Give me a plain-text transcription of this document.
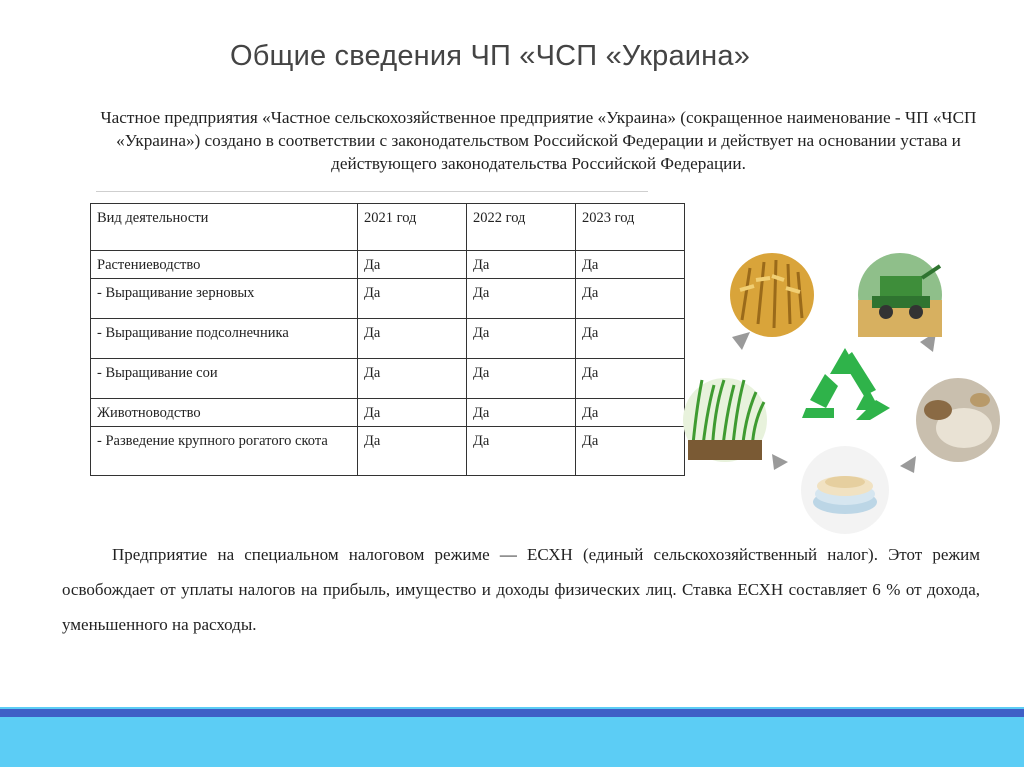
Общие сведения ЧП «ЧСП «Украина»
Частное предприятия «Частное сельскохозяйственное предприятие «Украина» (сокращенное наименование - ЧП «ЧСП «Украина») создано в соответствии с законодательством Российской Федерации и действует на основании устава и действующего законодательства Российской Федерации.
Вид деятельности	2021 год	2022 год	2023 год
Растениеводство	Да	Да	Да
- Выращивание зерновых	Да	Да	Да
- Выращивание подсолнечника	Да	Да	Да
- Выращивание сои	Да	Да	Да
Животноводство	Да	Да	Да
- Разведение крупного рогатого скота	Да	Да	Да
Предприятие на специальном налоговом режиме — ЕСХН (единый сельскохозяйственный налог). Этот режим освобождает от уплаты налогов на прибыль, имущество и доходы физических лиц. Ставка ЕСХН составляет 6 % от дохода, уменьшенного на расходы.
